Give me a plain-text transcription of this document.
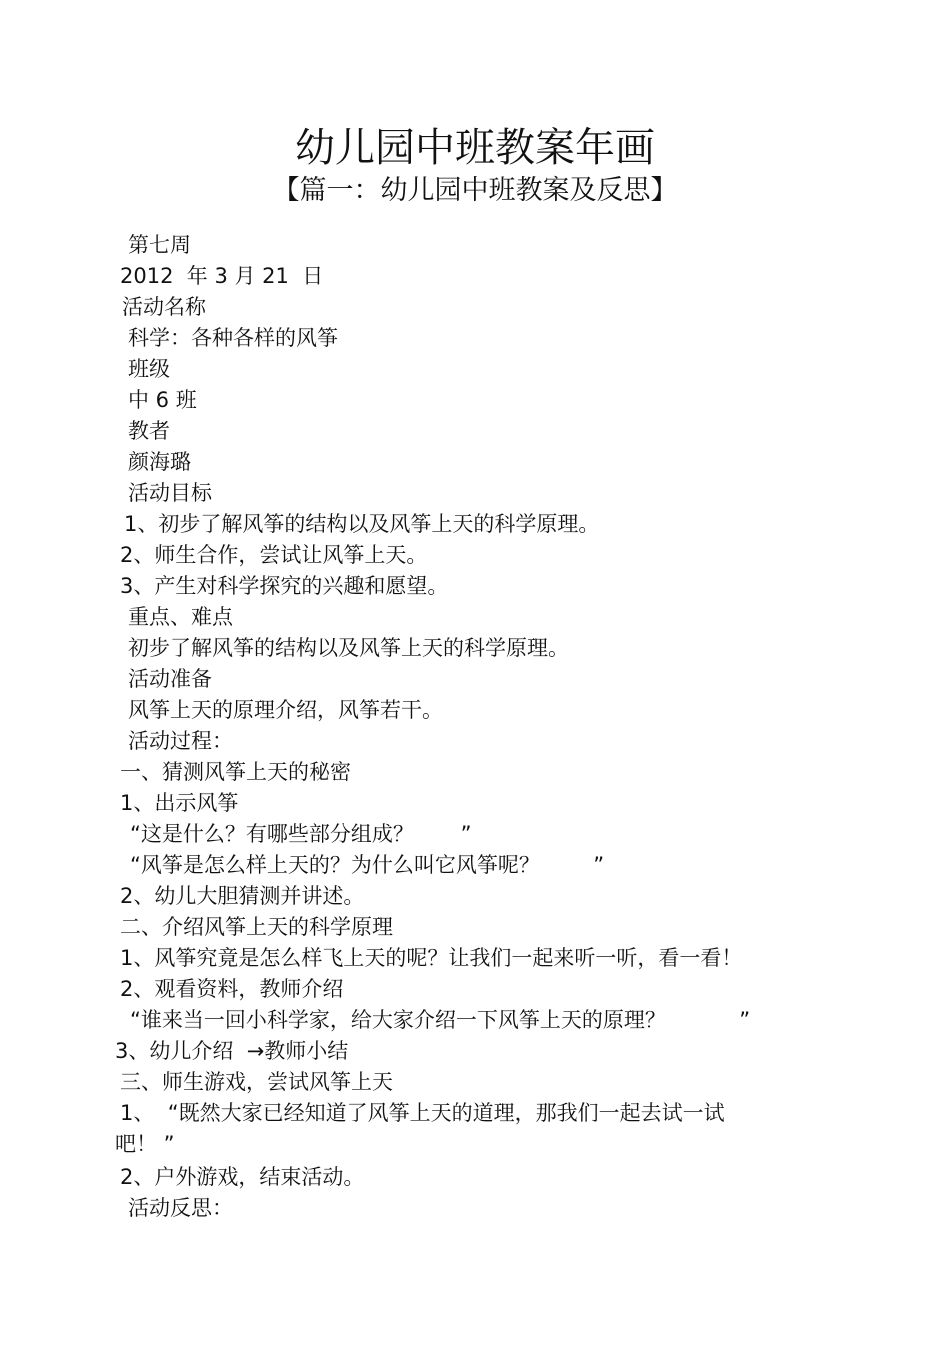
幼儿园中班教案年画
【篇一：幼儿园中班教案及反思】
第七周
2012  年 3 月 21  日
活动名称
科学：各种各样的风筝
班级
中 6 班
教者
颜海璐
活动目标
1、初步了解风筝的结构以及风筝上天的科学原理。
2、师生合作，尝试让风筝上天。
3、产生对科学探究的兴趣和愿望。
重点、难点
初步了解风筝的结构以及风筝上天的科学原理。
活动准备
风筝上天的原理介绍，风筝若干。
活动过程：
一、猜测风筝上天的秘密
1、出示风筝
“这是什么？有哪些部分组成？       ”
“风筝是怎么样上天的？为什么叫它风筝呢？        ”
2、幼儿大胆猜测并讲述。
二、介绍风筝上天的科学原理
1、风筝究竟是怎么样飞上天的呢？让我们一起来听一听，看一看！
2、观看资料，教师介绍
“谁来当一回小科学家，给大家介绍一下风筝上天的原理？           ”
3、幼儿介绍  →教师小结
三、师生游戏，尝试风筝上天
1、  “既然大家已经知道了风筝上天的道理，那我们一起去试一试
吧！ ”
2、户外游戏，结束活动。
活动反思：
